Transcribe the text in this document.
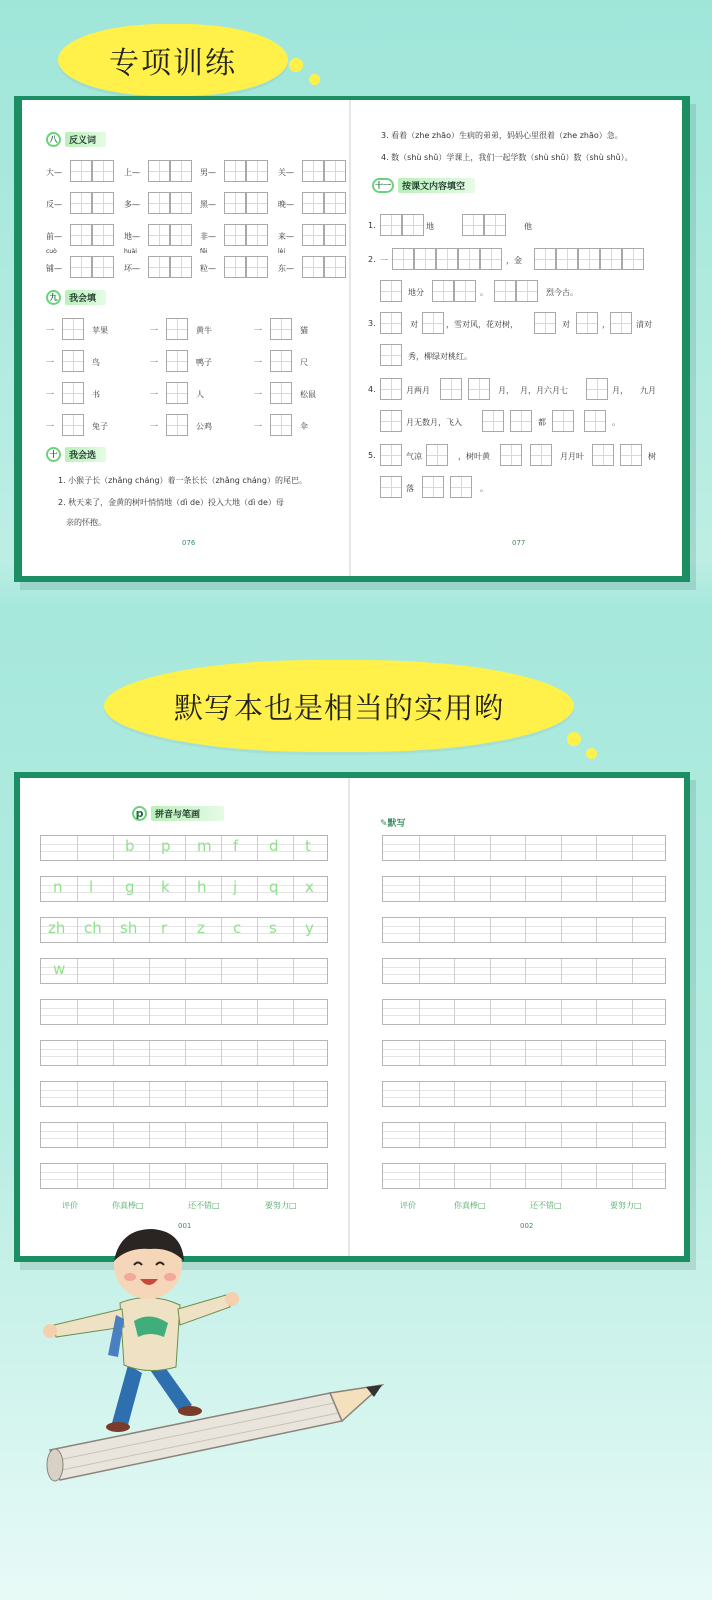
专项训练
八	反义词
九	我会填
十	我会选
1. 小猴子长（zhǎng cháng）着一条长长（zhǎng cháng）的尾巴。
2. 秋天来了，金黄的树叶悄悄地（dì de）投入大地（dì de）母
亲的怀抱。
076
3. 看着（zhe zhāo）生病的弟弟，妈妈心里很着（zhe zhāo）急。
4. 数（shù shǔ）学课上，我们一起学数（shù shǔ）数（shù shǔ）。
十一	按课文内容填空
077
默写本也是相当的实用哟
p	拼音与笔画
✎默写
评价	你真棒□	还不错□	要努力□
001
评价	你真棒□	还不错□	要努力□
002
大—	上—	男—	关—
反—	多—	黑—	晚—
前—	地—	非—	来—
铺—	坏—	粒—	东—
cuò	huài	fēi	lèi
一	苹果	一	黄牛	一	猫
一	鸟	一	鸭子	一	尺
一	书	一	人	一	松鼠
一	兔子	一	公鸡	一	伞
1.	地	他
2. 一	，金
地分	。	烈今古。
3.	对	，雪对风，花对树，	对	，	清对
秀，柳绿对桃红。
4.	月两月	月， 月，月六月七	月， 九月
月无数月，飞入	都	。
5.	气凉	，树叶黄	月月叶	树
落	。
b p m f d t
n l g k h j q x
zh ch sh r z c s y
w
